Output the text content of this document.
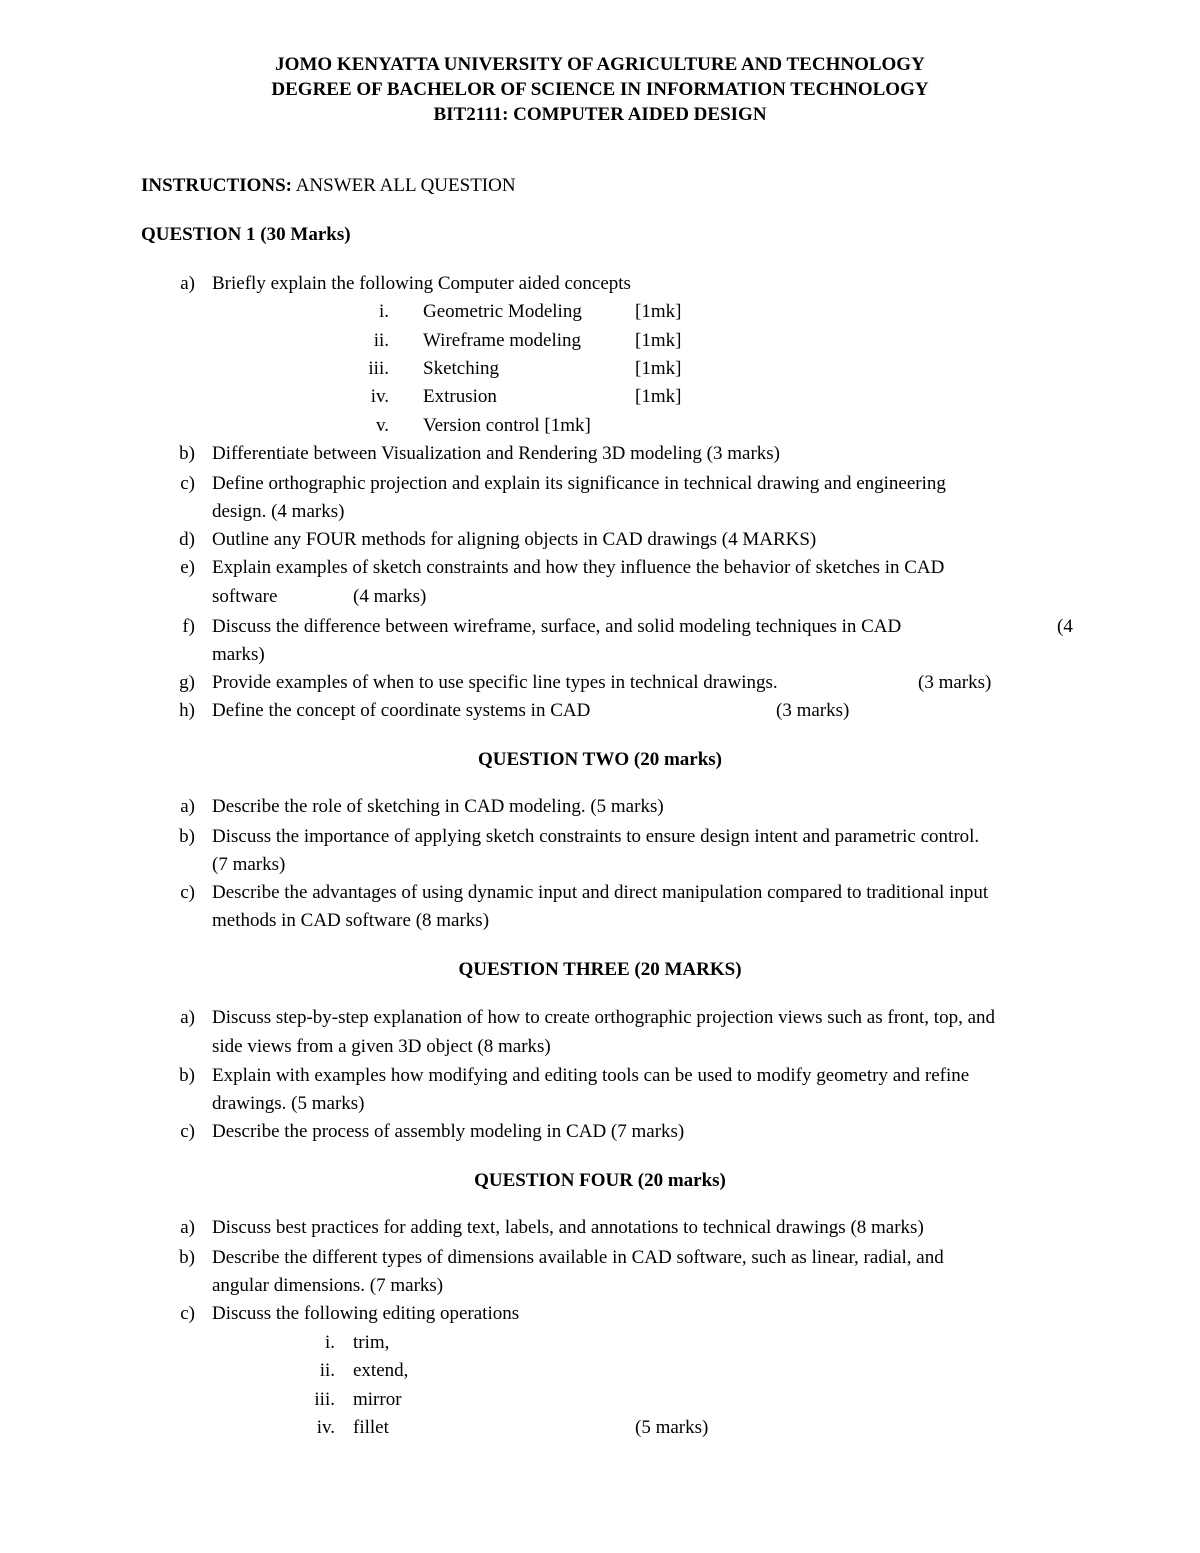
JOMO KENYATTA UNIVERSITY OF AGRICULTURE AND TECHNOLOGY
DEGREE OF BACHELOR OF SCIENCE IN INFORMATION TECHNOLOGY
BIT2111: COMPUTER AIDED DESIGN
INSTRUCTIONS: ANSWER ALL QUESTION
QUESTION 1 (30 Marks)
a) Briefly explain the following Computer aided concepts
i. Geometric Modeling	[1mk]
ii. Wireframe modeling	[1mk]
iii. Sketching	[1mk]
iv. Extrusion	[1mk]
v. Version control [1mk]
b) Differentiate between Visualization and Rendering 3D modeling (3 marks)
c) Define orthographic projection and explain its significance in technical drawing and engineering
design. (4 marks)
d) Outline any FOUR methods for aligning objects in CAD drawings (4 MARKS)
e) Explain examples of sketch constraints and how they influence the behavior of sketches in CAD
software	(4 marks)
f) Discuss the difference between wireframe, surface, and solid modeling techniques in CAD	(4
marks)
g) Provide examples of when to use specific line types in technical drawings.	(3 marks)
h) Define the concept of coordinate systems in CAD	(3 marks)
QUESTION TWO (20 marks)
a) Describe the role of sketching in CAD modeling. (5 marks)
b) Discuss the importance of applying sketch constraints to ensure design intent and parametric control.
(7 marks)
c) Describe the advantages of using dynamic input and direct manipulation compared to traditional input
methods in CAD software (8 marks)
QUESTION THREE (20 MARKS)
a) Discuss step-by-step explanation of how to create orthographic projection views such as front, top, and
side views from a given 3D object (8 marks)
b) Explain with examples how modifying and editing tools can be used to modify geometry and refine
drawings. (5 marks)
c) Describe the process of assembly modeling in CAD (7 marks)
QUESTION FOUR (20 marks)
a) Discuss best practices for adding text, labels, and annotations to technical drawings (8 marks)
b) Describe the different types of dimensions available in CAD software, such as linear, radial, and
angular dimensions. (7 marks)
c) Discuss the following editing operations
i. trim,
ii. extend,
iii. mirror
iv. fillet	(5 marks)
